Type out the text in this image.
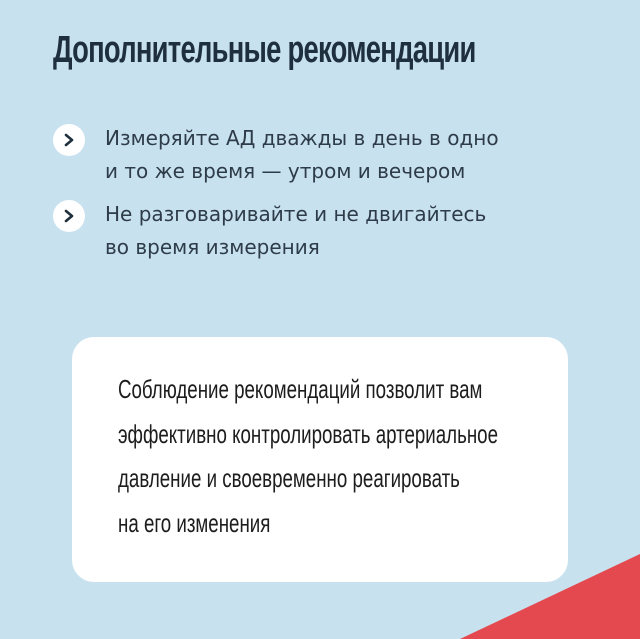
Дополнительные рекомендации
Измеряйте АД дважды в день в одно
и то же время — утром и вечером
Не разговаривайте и не двигайтесь
во время измерения
Соблюдение рекомендаций позволит вам
эффективно контролировать артериальное
давление и своевременно реагировать
на его изменения
